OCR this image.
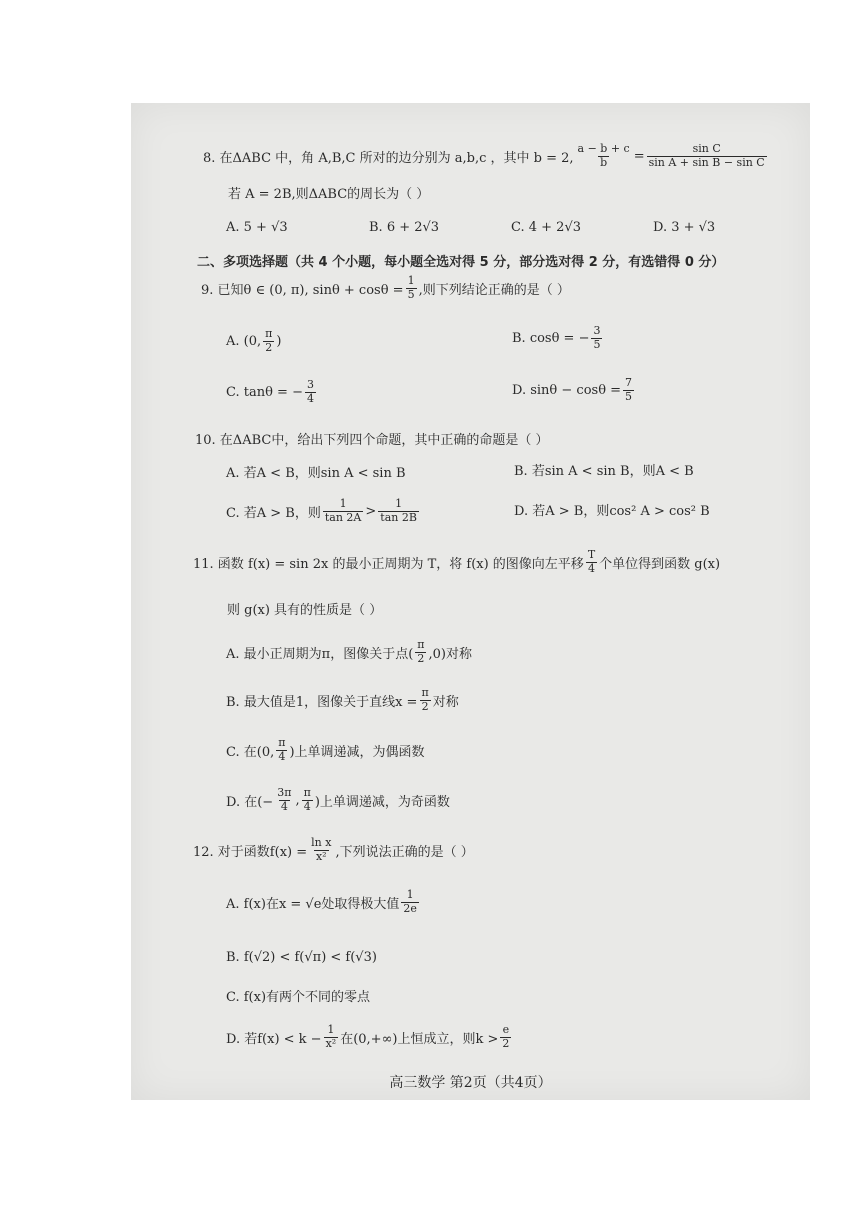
8. 在ΔABC 中，角 A,B,C 所对的边分别为 a,b,c ，其中 b = 2, $\frac{a - b + c}{b} = \frac{\text{sin C}}{\text{sin A + sin B − sin C}}$
若 A = 2B,则ΔABC的周长为（ ）
A. 5 + √3	B. 6 + 2√3	C. 4 + 2√3	D. 3 + √3
二、多项选择题（共 4 个小题，每小题全选对得 5 分，部分选对得 2 分，有选错得 0 分）
9. 已知θ ∈ (0, π), $\sin\theta + \cos\theta = \frac{1}{5}$ ,则下列结论正确的是（ ）
A. (0, $\frac{\pi}{2}$ )	B. cosθ = − $\frac{3}{5}$
C. tanθ = − $\frac{3}{4}$	D. $\sin\theta - \cos\theta = \frac{7}{5}$
10. 在ΔABC中，给出下列四个命题，其中正确的命题是（ ）
A. 若A < B，则sin A < sin B	B. 若sin A < sin B，则A < B
C. 若A > B，则 $\frac{1}{\tan 2A} > \frac{1}{\tan 2B}$	D. 若A > B，则cos² A > cos² B
11. 函数 f(x) = sin 2x 的最小正周期为 T，将 f(x) 的图像向左平移 $\frac{T}{4}$ 个单位得到函数 g(x)
则 g(x) 具有的性质是（ ）
A. 最小正周期为π，图像关于点( $\frac{\pi}{2} ,0$)对称
B. 最大值是1，图像关于直线$x = \frac{\pi}{2}$ 对称
C. 在(0, $\frac{\pi}{4}$ )上单调递减，为偶函数
D. 在(− $\frac{3\pi}{4}$ , $\frac{\pi}{4}$ )上单调递减，为奇函数
12. 对于函数$f(x) = \frac{\text{ln x}}{\text{x²}}$ ,下列说法正确的是（ ）
A. f(x)在x = √e处取得极大值 $\frac{1}{2e}$
B. f(√2) < f(√π) < f(√3)
C. f(x)有两个不同的零点
D. 若$f(x) < k - \frac{1}{\text{x²}}$ 在(0,+∞)上恒成立，则$k > \frac{e}{2}$
高三数学 第2页（共4页）
